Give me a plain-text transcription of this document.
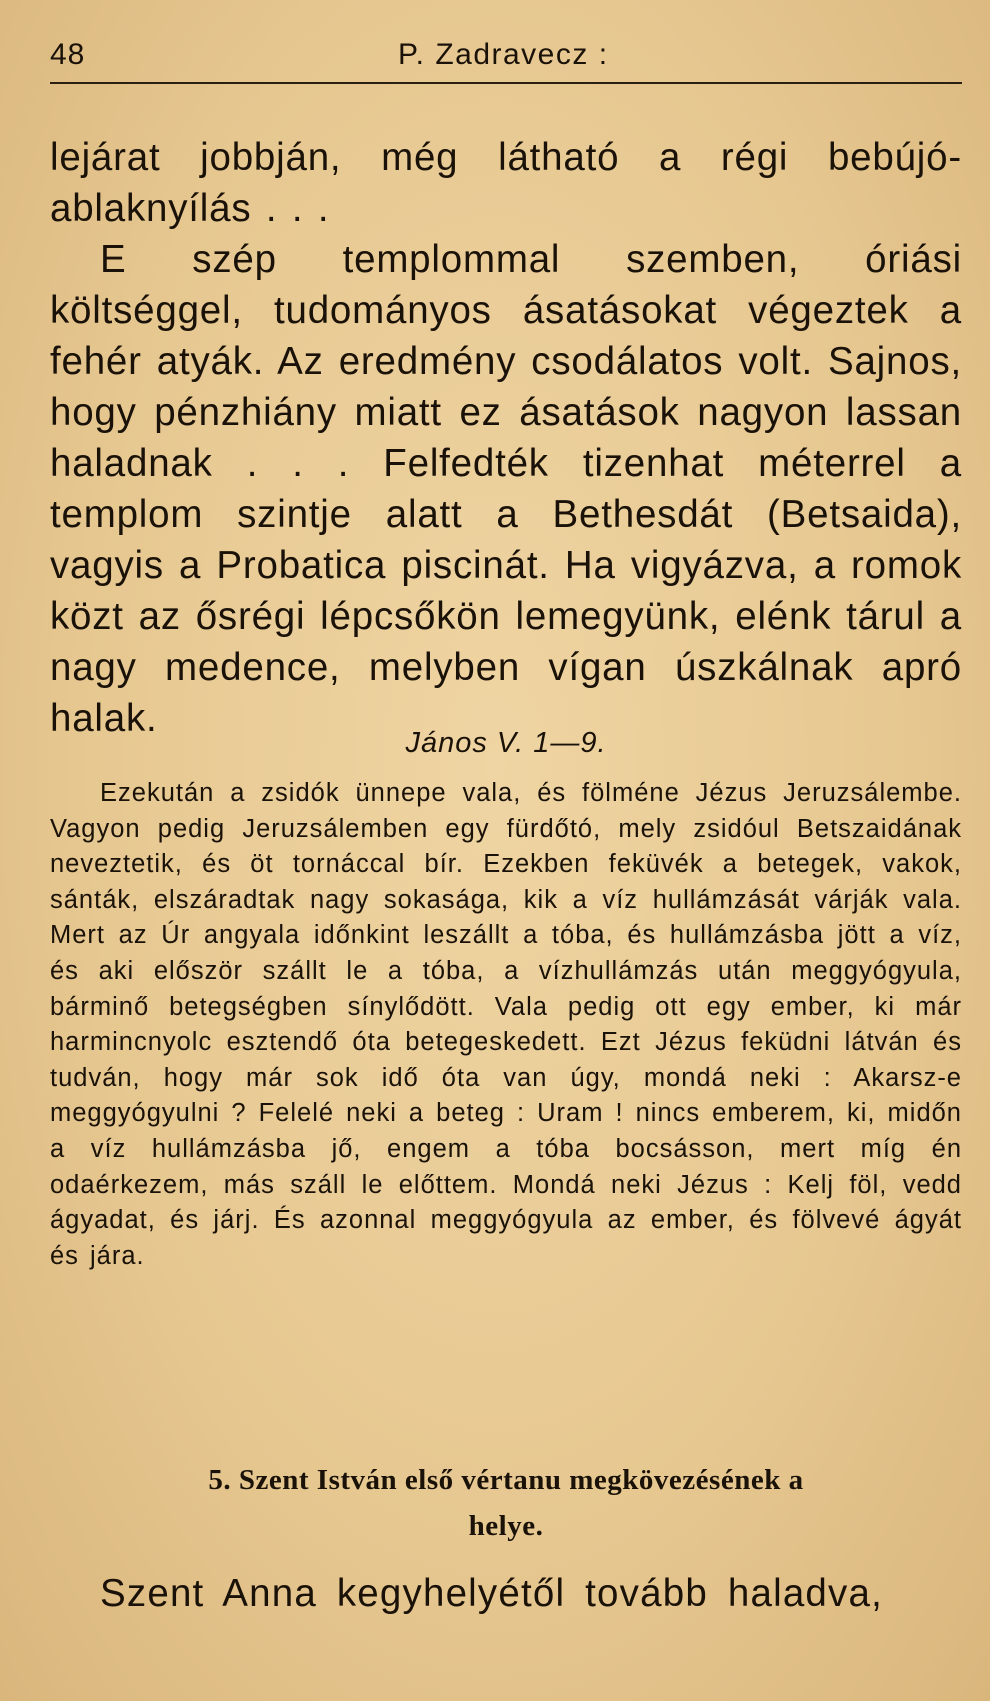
48	P. Zadravecz :

lejárat jobbján, még látható a régi bebújó-ablaknyílás . . .

E szép templommal szemben, óriási költséggel, tudományos ásatásokat végeztek a fehér atyák. Az eredmény csodálatos volt. Sajnos, hogy pénzhiány miatt ez ásatások nagyon lassan haladnak . . . Felfedték tizenhat méterrel a templom szintje alatt a Bethesdát (Betsaida), vagyis a Probatica piscinát. Ha vigyázva, a romok közt az ősrégi lépcsőkön lemegyünk, elénk tárul a nagy medence, melyben vígan úszkálnak apró halak.

János V. 1—9.

Ezekután a zsidók ünnepe vala, és fölméne Jézus Jeruzsálembe. Vagyon pedig Jeruzsálemben egy fürdőtó, mely zsidóul Betszaidának neveztetik, és öt tornáccal bír. Ezekben feküvék a betegek, vakok, sánták, elszáradtak nagy sokasága, kik a víz hullámzását várják vala. Mert az Úr angyala időnkint leszállt a tóba, és hullámzásba jött a víz, és aki először szállt le a tóba, a vízhullámzás után meggyógyula, bárminő betegségben sínylődött. Vala pedig ott egy ember, ki már harmincnyolc esztendő óta betegeskedett. Ezt Jézus feküdni látván és tudván, hogy már sok idő óta van úgy, mondá neki : Akarsz-e meggyógyulni ? Felelé neki a beteg : Uram ! nincs emberem, ki, midőn a víz hullámzásba jő, engem a tóba bocsásson, mert míg én odaérkezem, más száll le előttem. Mondá neki Jézus : Kelj föl, vedd ágyadat, és járj. És azonnal meggyógyula az ember, és fölvevé ágyát és jára.

5. Szent István első vértanu megkövezésének a
helye.

Szent Anna kegyhelyétől tovább haladva,
